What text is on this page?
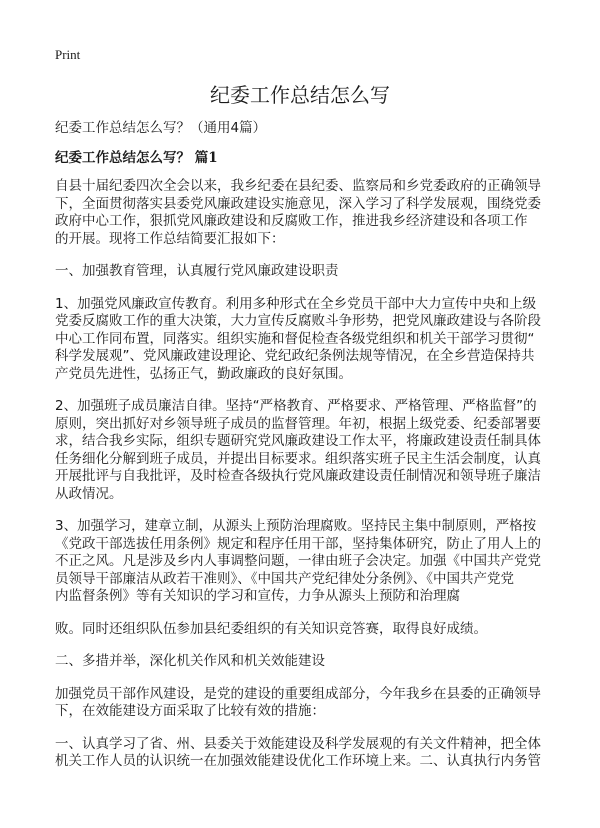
Print
纪委工作总结怎么写
纪委工作总结怎么写？（通用4篇）
纪委工作总结怎么写？ 篇1
自县十届纪委四次全会以来，我乡纪委在县纪委、监察局和乡党委政府的正确领导
下，全面贯彻落实县委党风廉政建设实施意见，深入学习了科学发展观，围绕党委
政府中心工作，狠抓党风廉政建设和反腐败工作，推进我乡经济建设和各项工作
的开展。现将工作总结简要汇报如下：
一、加强教育管理，认真履行党风廉政建设职责
1、加强党风廉政宣传教育。利用多种形式在全乡党员干部中大力宣传中央和上级
党委反腐败工作的重大决策，大力宣传反腐败斗争形势，把党风廉政建设与各阶段
中心工作同布置，同落实。组织实施和督促检查各级党组织和机关干部学习贯彻“
科学发展观”、党风廉政建设理论、党纪政纪条例法规等情况，在全乡营造保持共
产党员先进性，弘扬正气，勤政廉政的良好氛围。
2、加强班子成员廉洁自律。坚持“严格教育、严格要求、严格管理、严格监督”的
原则，突出抓好对乡领导班子成员的监督管理。年初，根据上级党委、纪委部署要
求，结合我乡实际，组织专题研究党风廉政建设工作太平，将廉政建设责任制具体
任务细化分解到班子成员，并提出目标要求。组织落实班子民主生活会制度，认真
开展批评与自我批评，及时检查各级执行党风廉政建设责任制情况和领导班子廉洁
从政情况。
3、加强学习，建章立制，从源头上预防治理腐败。坚持民主集中制原则，严格按
《党政干部选拔任用条例》规定和程序任用干部，坚持集体研究，防止了用人上的
不正之风。凡是涉及乡内人事调整问题，一律由班子会决定。加强《中国共产党党
员领导干部廉洁从政若干准则》、《中国共产党纪律处分条例》、《中国共产党党
内监督条例》等有关知识的学习和宣传，力争从源头上预防和治理腐
败。同时还组织队伍参加县纪委组织的有关知识竞答赛，取得良好成绩。
二、多措并举，深化机关作风和机关效能建设
加强党员干部作风建设，是党的建设的重要组成部分，今年我乡在县委的正确领导
下，在效能建设方面采取了比较有效的措施：
一、认真学习了省、州、县委关于效能建设及科学发展观的有关文件精神，把全体
机关工作人员的认识统一在加强效能建设优化工作环境上来。二、认真执行内务管
